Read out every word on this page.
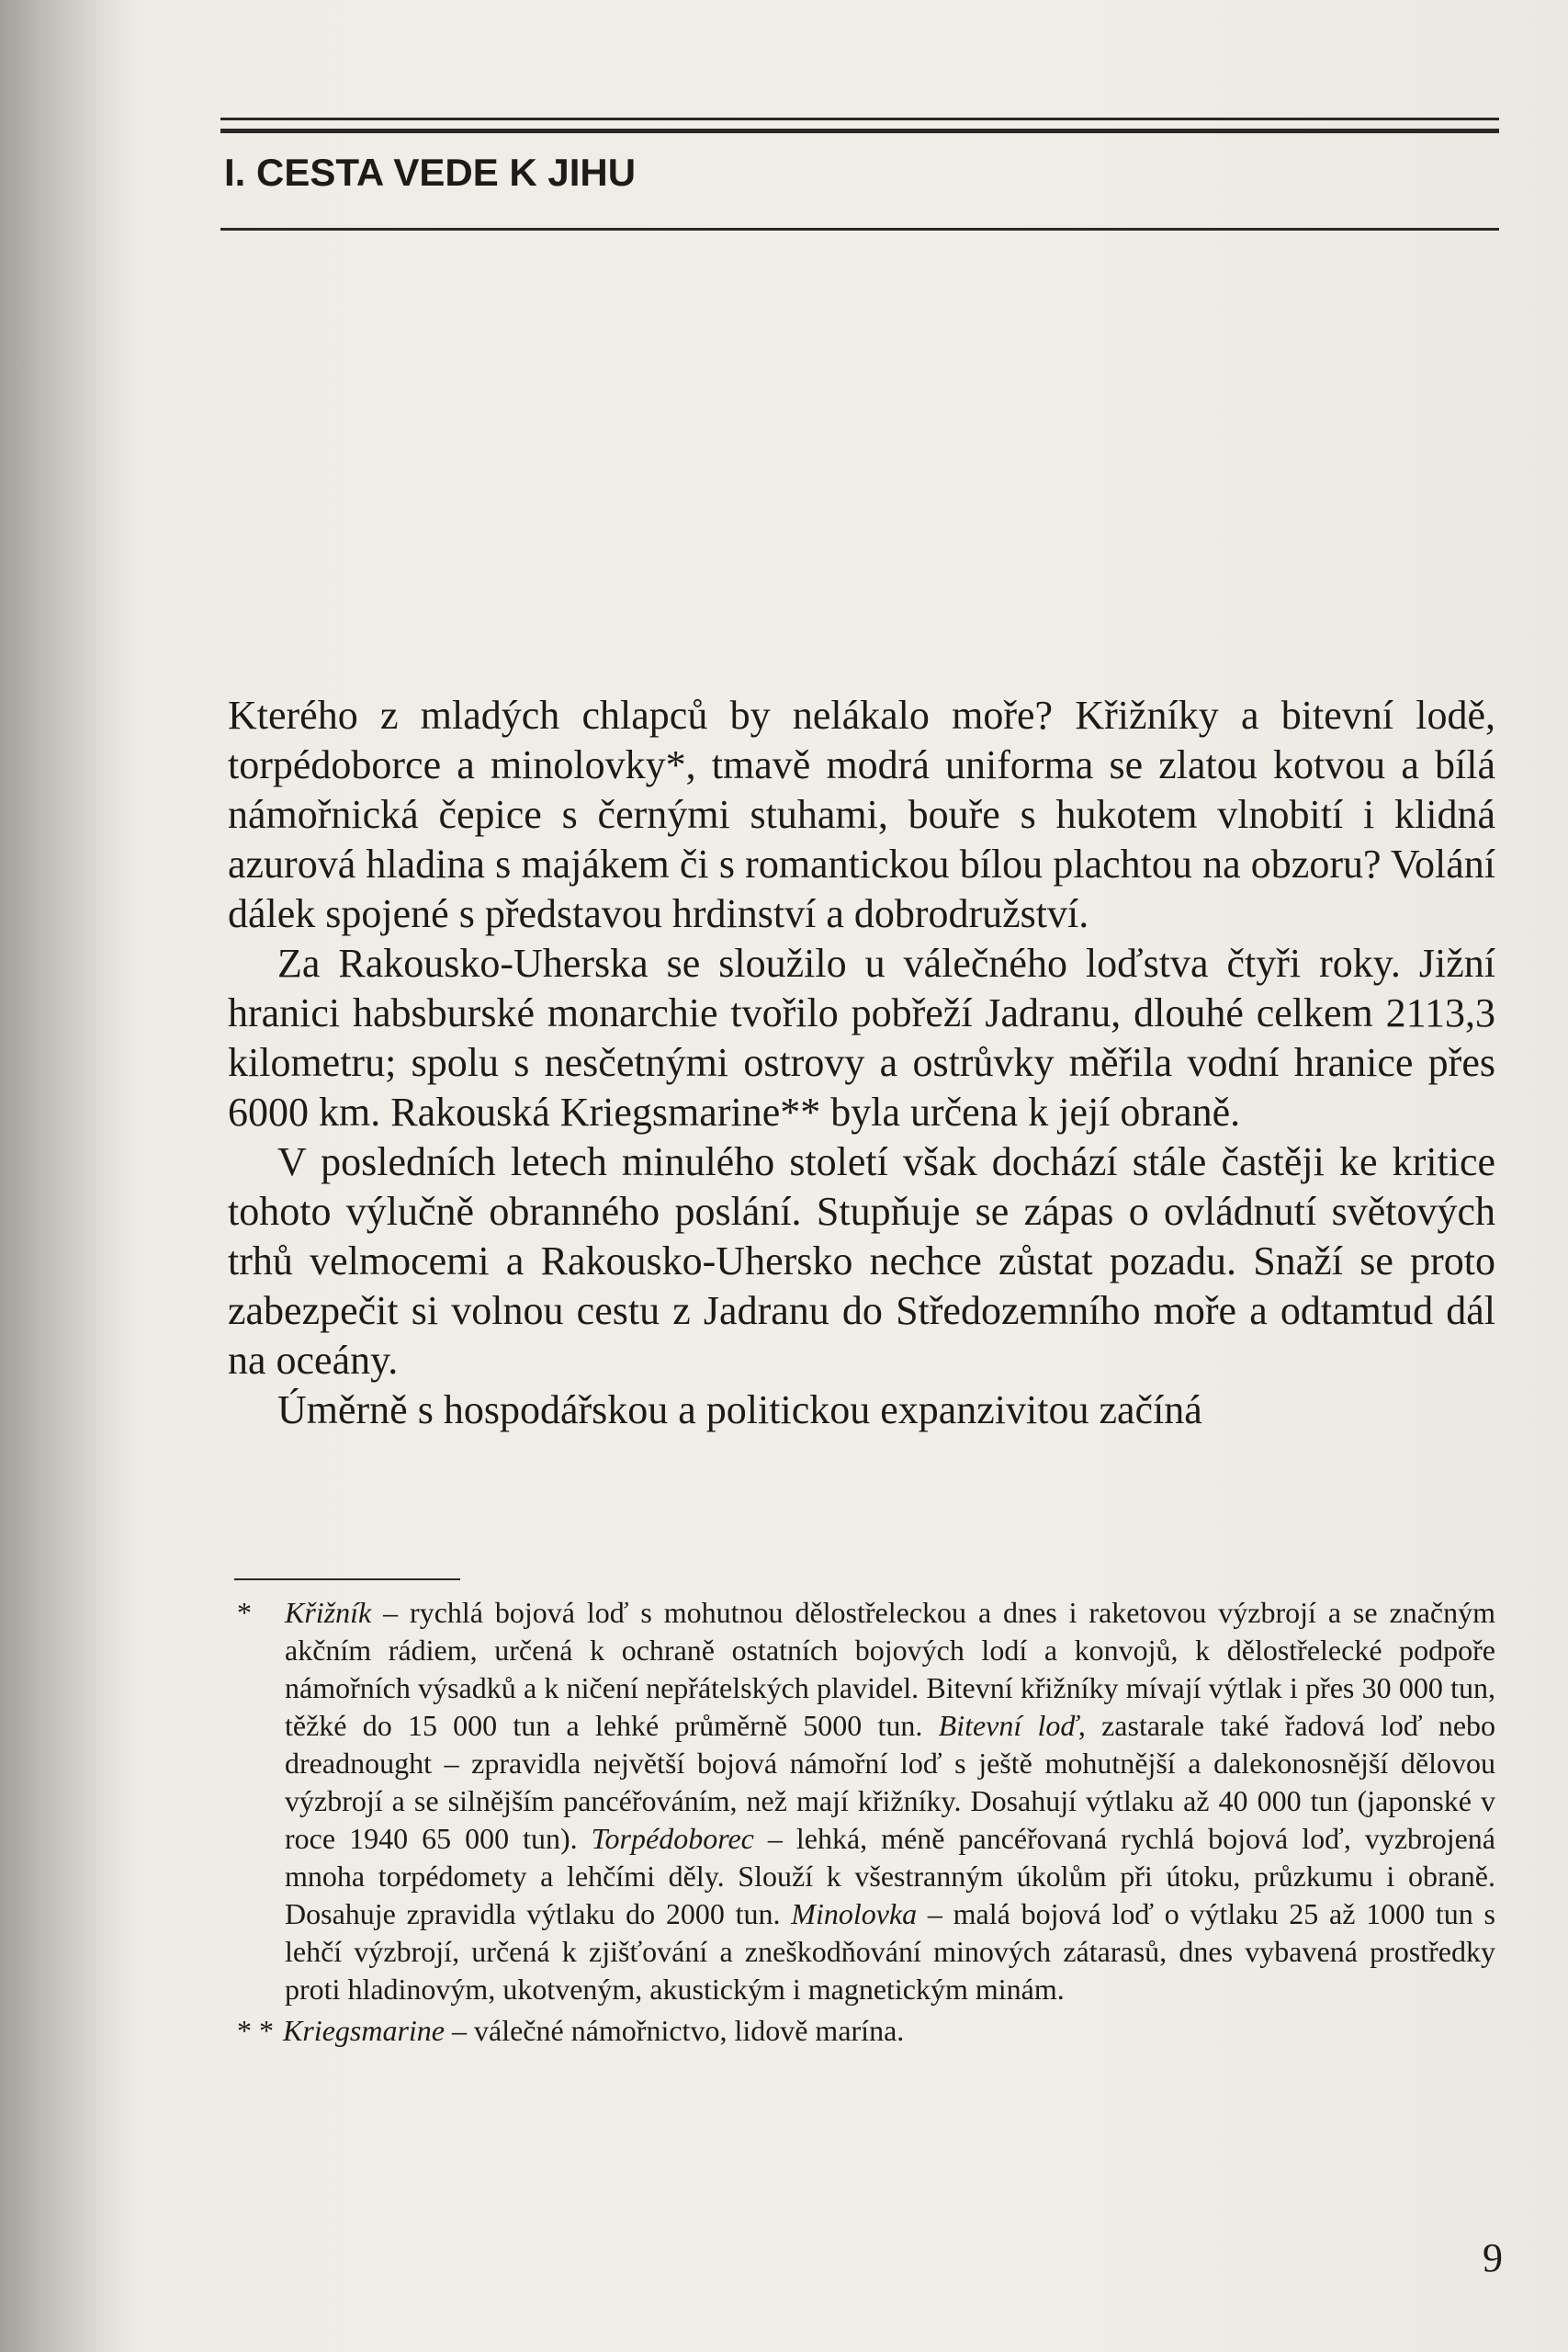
I. CESTA VEDE K JIHU

Kterého z mladých chlapců by nelákalo moře? Křižníky a bitevní lodě, torpédoborce a minolovky*, tmavě modrá uniforma se zlatou kotvou a bílá námořnická čepice s černými stuhami, bouře s hukotem vlnobití i klidná azurová hladina s majákem či s romantickou bílou plachtou na obzoru? Volání dálek spojené s představou hrdinství a dobrodružství.

Za Rakousko-Uherska se sloužilo u válečného loďstva čtyři roky. Jižní hranici habsburské monarchie tvořilo pobřeží Jadranu, dlouhé celkem 2113,3 kilometru; spolu s nesčetnými ostrovy a ostrůvky měřila vodní hranice přes 6000 km. Rakouská Kriegsmarine** byla určena k její obraně.

V posledních letech minulého století však dochází stále častěji ke kritice tohoto výlučně obranného poslání. Stupňuje se zápas o ovládnutí světových trhů velmocemi a Rakousko-Uhersko nechce zůstat pozadu. Snaží se proto zabezpečit si volnou cestu z Jadranu do Středozemního moře a odtamtud dál na oceány.

Úměrně s hospodářskou a politickou expanzivitou začíná

* Křižník – rychlá bojová loď s mohutnou dělostřeleckou a dnes i raketovou výzbrojí a se značným akčním rádiem, určená k ochraně ostatních bojových lodí a konvojů, k dělostřelecké podpoře námořních výsadků a k ničení nepřátelských plavidel. Bitevní křižníky mívají výtlak i přes 30 000 tun, těžké do 15 000 tun a lehké průměrně 5000 tun. Bitevní loď, zastarale také řadová loď nebo dreadnought – zpravidla největší bojová námořní loď s ještě mohutnější a dalekonosnější dělovou výzbrojí a se silnějším pancéřováním, než mají křižníky. Dosahují výtlaku až 40 000 tun (japonské v roce 1940 65 000 tun). Torpédoborec – lehká, méně pancéřovaná rychlá bojová loď, vyzbrojená mnoha torpédomety a lehčími děly. Slouží k všestranným úkolům při útoku, průzkumu i obraně. Dosahuje zpravidla výtlaku do 2000 tun. Minolovka – malá bojová loď o výtlaku 25 až 1000 tun s lehčí výzbrojí, určená k zjišťování a zneškodňování minových zátarasů, dnes vybavená prostředky proti hladinovým, ukotveným, akustickým i magnetickým minám.

* * Kriegsmarine – válečné námořnictvo, lidově marína.

9
